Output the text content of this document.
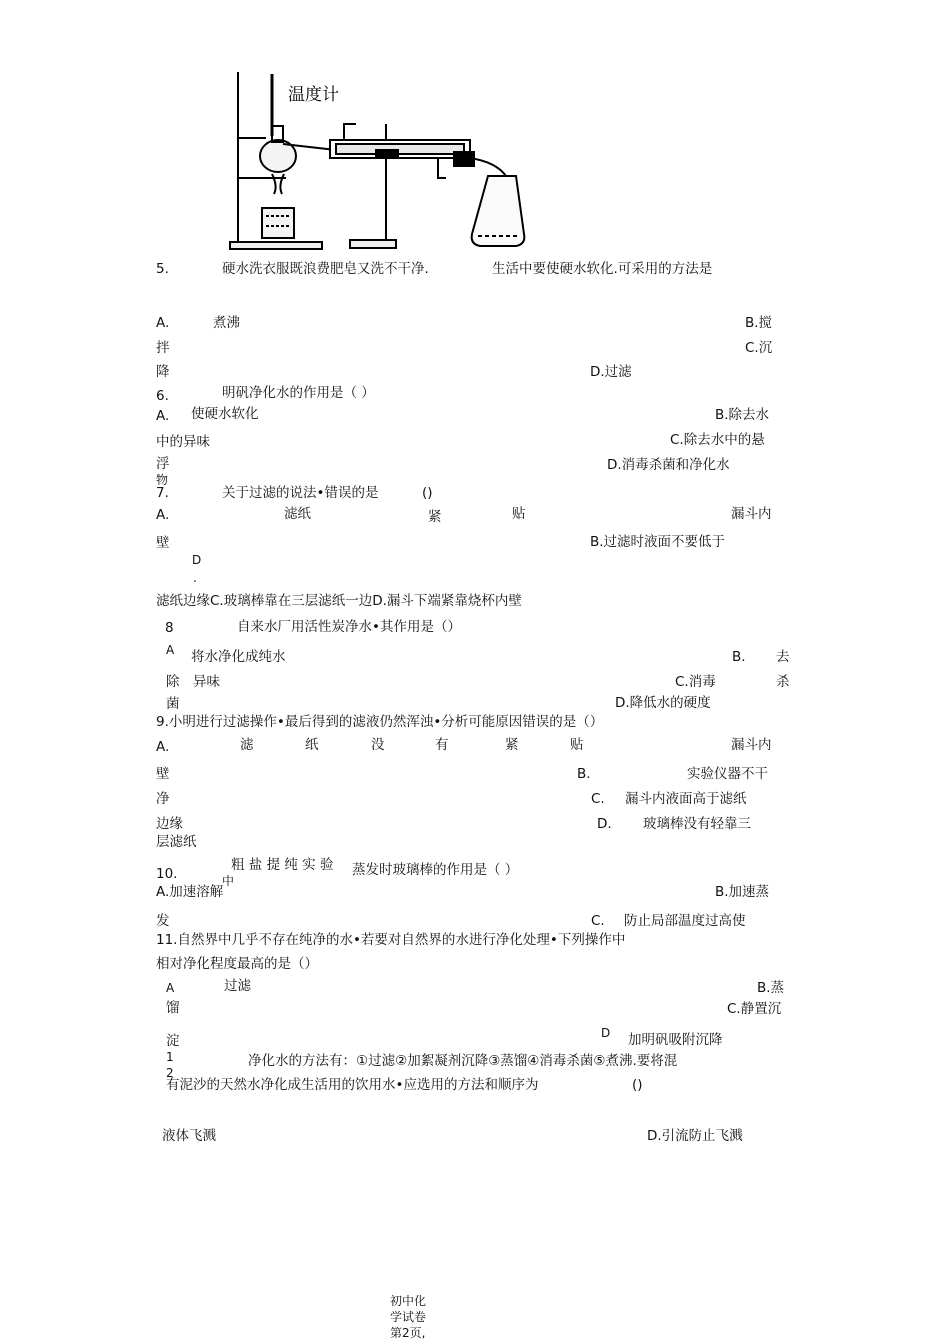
温度计
5.	硬水洗衣服既浪费肥皂又洗不干净.	生活中要使硬水软化.可采用的方法是
A.	煮沸	B.搅
拌	C.沉
降	D.过滤
6.	明矾净化水的作用是（ ）
A. 使硬水软化	B.除去水
中的异味	C.除去水中的悬
浮
物
D.消毒杀菌和净化水
7.	关于过滤的说法•错误的是	()
A.	滤纸	紧	贴	漏斗内
壁	B.过滤时液面不要低于
D
.
滤纸边缘C.玻璃棒靠在三层滤纸一边D.漏斗下端紧靠烧杯内壁
8	自来水厂用活性炭净水•其作用是（）
A 将水净化成纯水	B. 去
除 异味	C.消毒	杀
菌	D.降低水的硬度
9.小明进行过滤操作•最后得到的滤液仍然浑浊•分析可能原因错误的是（）
A.	滤	纸	没	有	紧	贴	漏斗内
壁	B.	实验仪器不干
净	C. 漏斗内液面高于滤纸
边缘	D. 玻璃棒没有轻靠三
层滤纸
10.
粗 盐 提 纯 实 验
中
蒸发时玻璃棒的作用是（ ）
A.加速溶解	B.加速蒸
发	C. 防止局部温度过高使
液体飞溅	D.引流防止飞溅
11.自然界中几乎不存在纯净的水•若要对自然界的水进行净化处理•下列操作中
相对净化程度最高的是（）
A	过滤	B.蒸
馏	C.静置沉
淀	D 加明矾吸附沉降
1
2
净化水的方法有：①过滤②加絮凝剂沉降③蒸馏④消毒杀菌⑤煮沸.要将混
有泥沙的天然水净化成生活用的饮用水•应选用的方法和顺序为	()
初中化
学试卷
第2页,
